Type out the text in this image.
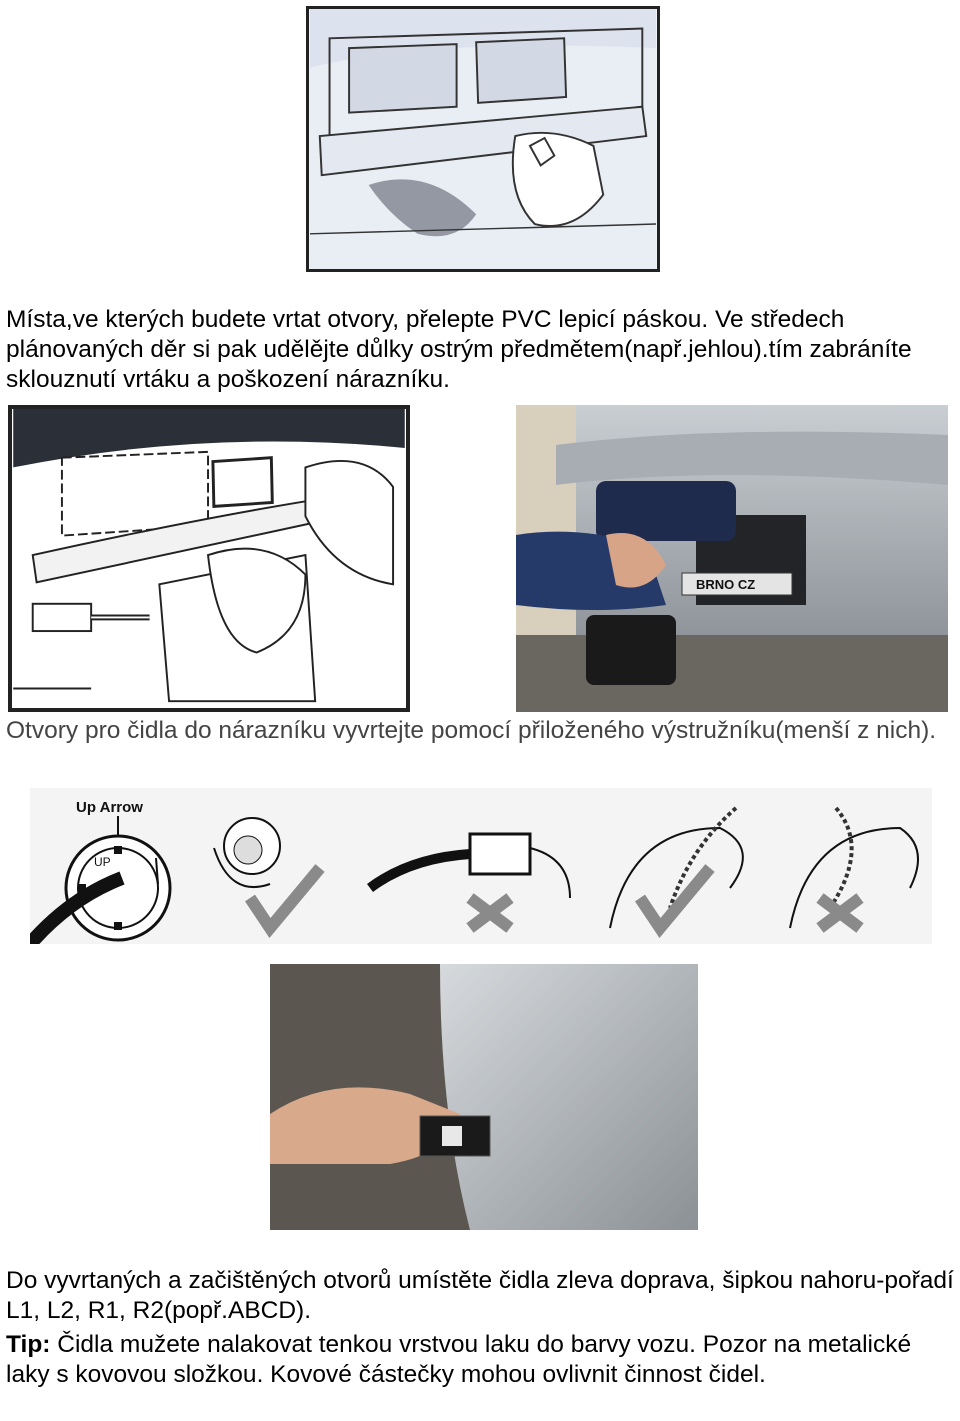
Místa,ve kterých budete vrtat otvory, přelepte PVC lepicí páskou. Ve středech plánovaných děr si pak udělějte důlky ostrým předmětem(např.jehlou).tím zabráníte sklouznutí vrtáku a poškození nárazníku.

BRNO CZ

Otvory pro čidla do nárazníku vyvrtejte pomocí přiloženého výstružníku(menší z nich).

Up Arrow
UP

Do vyvrtaných a začištěných otvorů umístěte čidla zleva doprava, šipkou nahoru-pořadí L1, L2, R1, R2(popř.ABCD).

Tip: Čidla mužete nalakovat tenkou vrstvou laku do barvy vozu. Pozor na metalické laky s kovovou složkou. Kovové částečky mohou ovlivnit činnost čidel.
